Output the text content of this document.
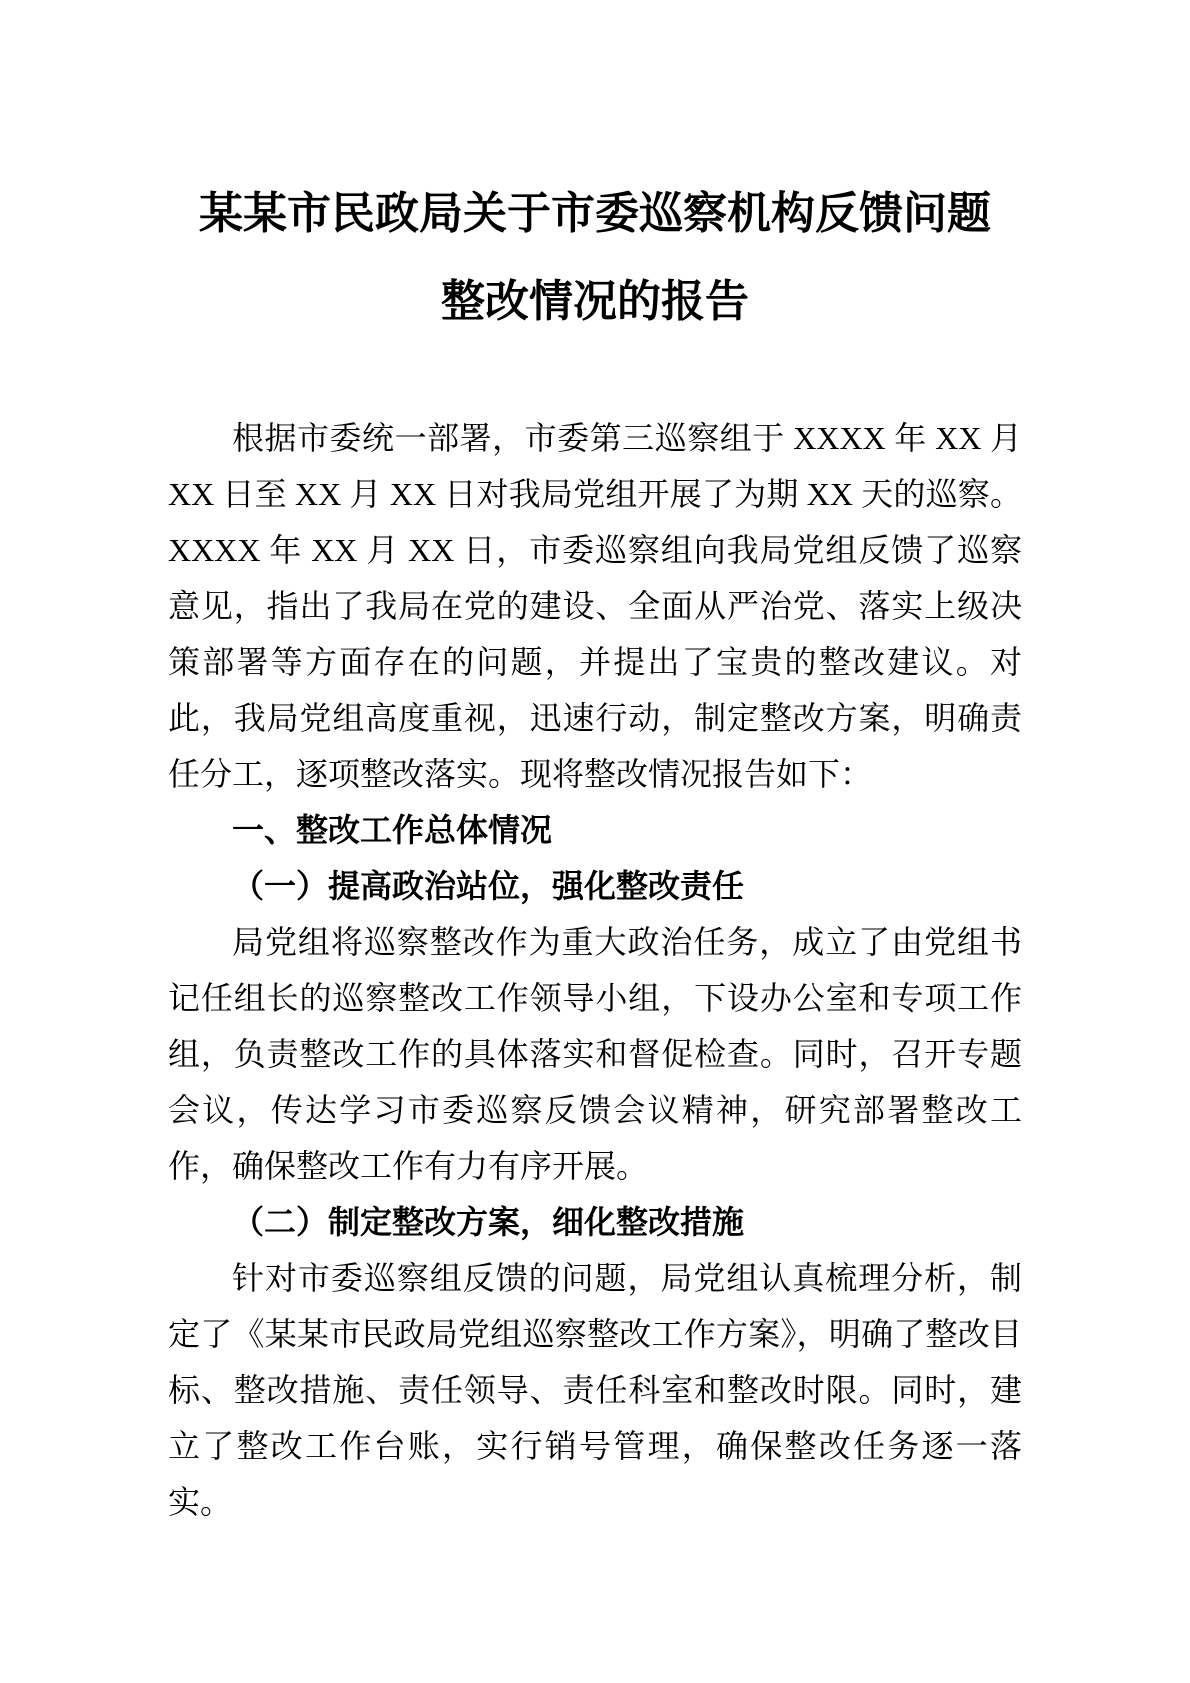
某某市民政局关于市委巡察机构反馈问题
整改情况的报告

根据市委统一部署，市委第三巡察组于 XXXX 年 XX 月 XX 日至 XX 月 XX 日对我局党组开展了为期 XX 天的巡察。XXXX 年 XX 月 XX 日，市委巡察组向我局党组反馈了巡察意见，指出了我局在党的建设、全面从严治党、落实上级决策部署等方面存在的问题，并提出了宝贵的整改建议。对此，我局党组高度重视，迅速行动，制定整改方案，明确责任分工，逐项整改落实。现将整改情况报告如下：

一、整改工作总体情况

（一）提高政治站位，强化整改责任

局党组将巡察整改作为重大政治任务，成立了由党组书记任组长的巡察整改工作领导小组，下设办公室和专项工作组，负责整改工作的具体落实和督促检查。同时，召开专题会议，传达学习市委巡察反馈会议精神，研究部署整改工作，确保整改工作有力有序开展。

（二）制定整改方案，细化整改措施

针对市委巡察组反馈的问题，局党组认真梳理分析，制定了《某某市民政局党组巡察整改工作方案》，明确了整改目标、整改措施、责任领导、责任科室和整改时限。同时，建立了整改工作台账，实行销号管理，确保整改任务逐一落实。
